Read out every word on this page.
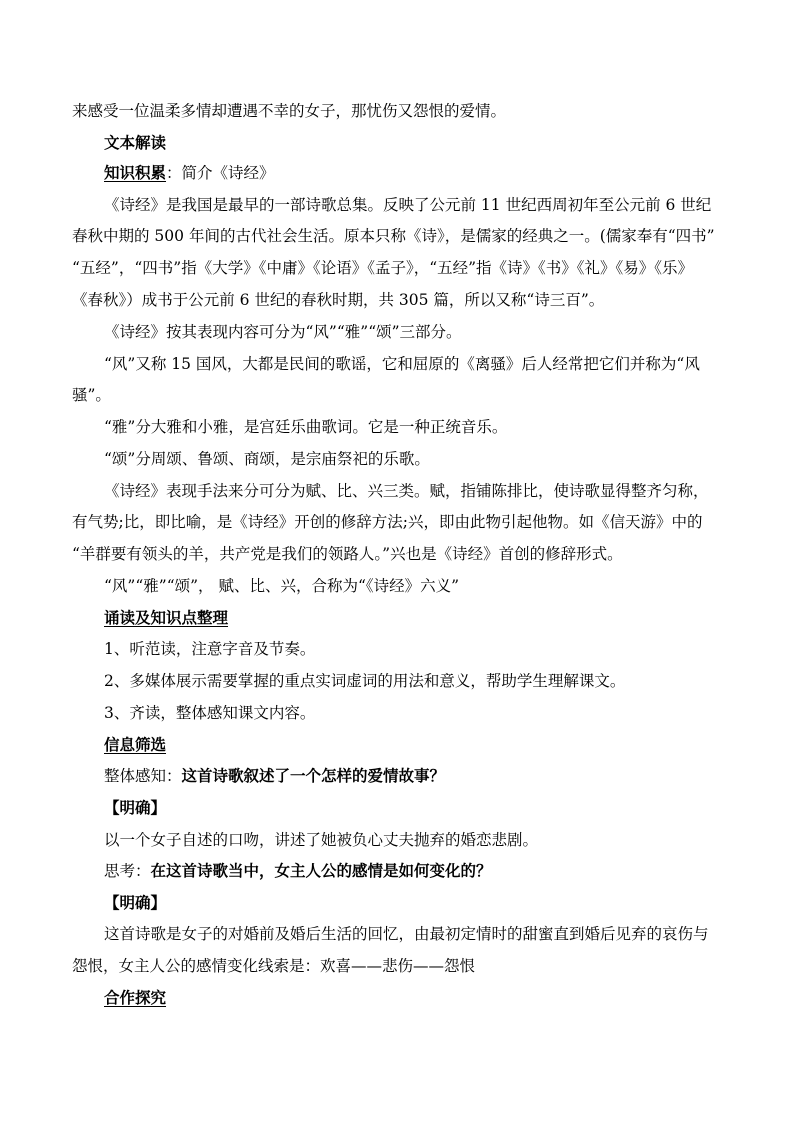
来感受一位温柔多情却遭遇不幸的女子，那忧伤又怨恨的爱情。
文本解读
知识积累：简介《诗经》
《诗经》是我国是最早的一部诗歌总集。反映了公元前 11 世纪西周初年至公元前 6 世纪
春秋中期的 500 年间的古代社会生活。原本只称《诗》，是儒家的经典之一。(儒家奉有“四书”
“五经”，“四书”指《大学》《中庸》《论语》《孟子》，“五经”指《诗》《书》《礼》《易》《乐》
《春秋》）成书于公元前 6 世纪的春秋时期，共 305 篇，所以又称“诗三百”。
《诗经》按其表现内容可分为“风”“雅”“颂”三部分。
“风”又称 15 国风，大都是民间的歌谣，它和屈原的《离骚》后人经常把它们并称为“风
骚”。
“雅”分大雅和小雅，是宫廷乐曲歌词。它是一种正统音乐。
“颂”分周颂、鲁颂、商颂，是宗庙祭祀的乐歌。
《诗经》表现手法来分可分为赋、比、兴三类。赋，指铺陈排比，使诗歌显得整齐匀称，
有气势;比，即比喻，是《诗经》开创的修辞方法;兴，即由此物引起他物。如《信天游》中的
“羊群要有领头的羊，共产党是我们的领路人。”兴也是《诗经》首创的修辞形式。
“风”“雅”“颂”， 赋、比、兴，合称为“《诗经》六义”
诵读及知识点整理
1、听范读，注意字音及节奏。
2、多媒体展示需要掌握的重点实词虚词的用法和意义，帮助学生理解课文。
3、齐读，整体感知课文内容。
信息筛选
整体感知：这首诗歌叙述了一个怎样的爱情故事？
【明确】
以一个女子自述的口吻，讲述了她被负心丈夫抛弃的婚恋悲剧。
思考：在这首诗歌当中，女主人公的感情是如何变化的？
【明确】
这首诗歌是女子的对婚前及婚后生活的回忆，由最初定情时的甜蜜直到婚后见弃的哀伤与
怨恨，女主人公的感情变化线索是：欢喜——悲伤——怨恨
合作探究
